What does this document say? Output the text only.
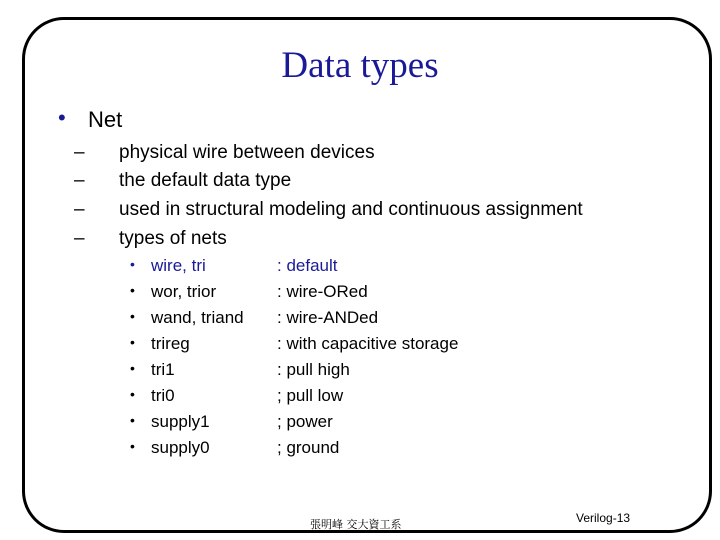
Data types
• Net
– physical wire between devices
– the default data type
– used in structural modeling and continuous assignment
– types of nets
• wire, tri	: default
• wor, trior	: wire-ORed
• wand, triand : wire-ANDed
• trireg	: with capacitive storage
• tri1	: pull high
• tri0	; pull low
• supply1	; power
• supply0	; ground
張明峰 交大資工系	Verilog-13
